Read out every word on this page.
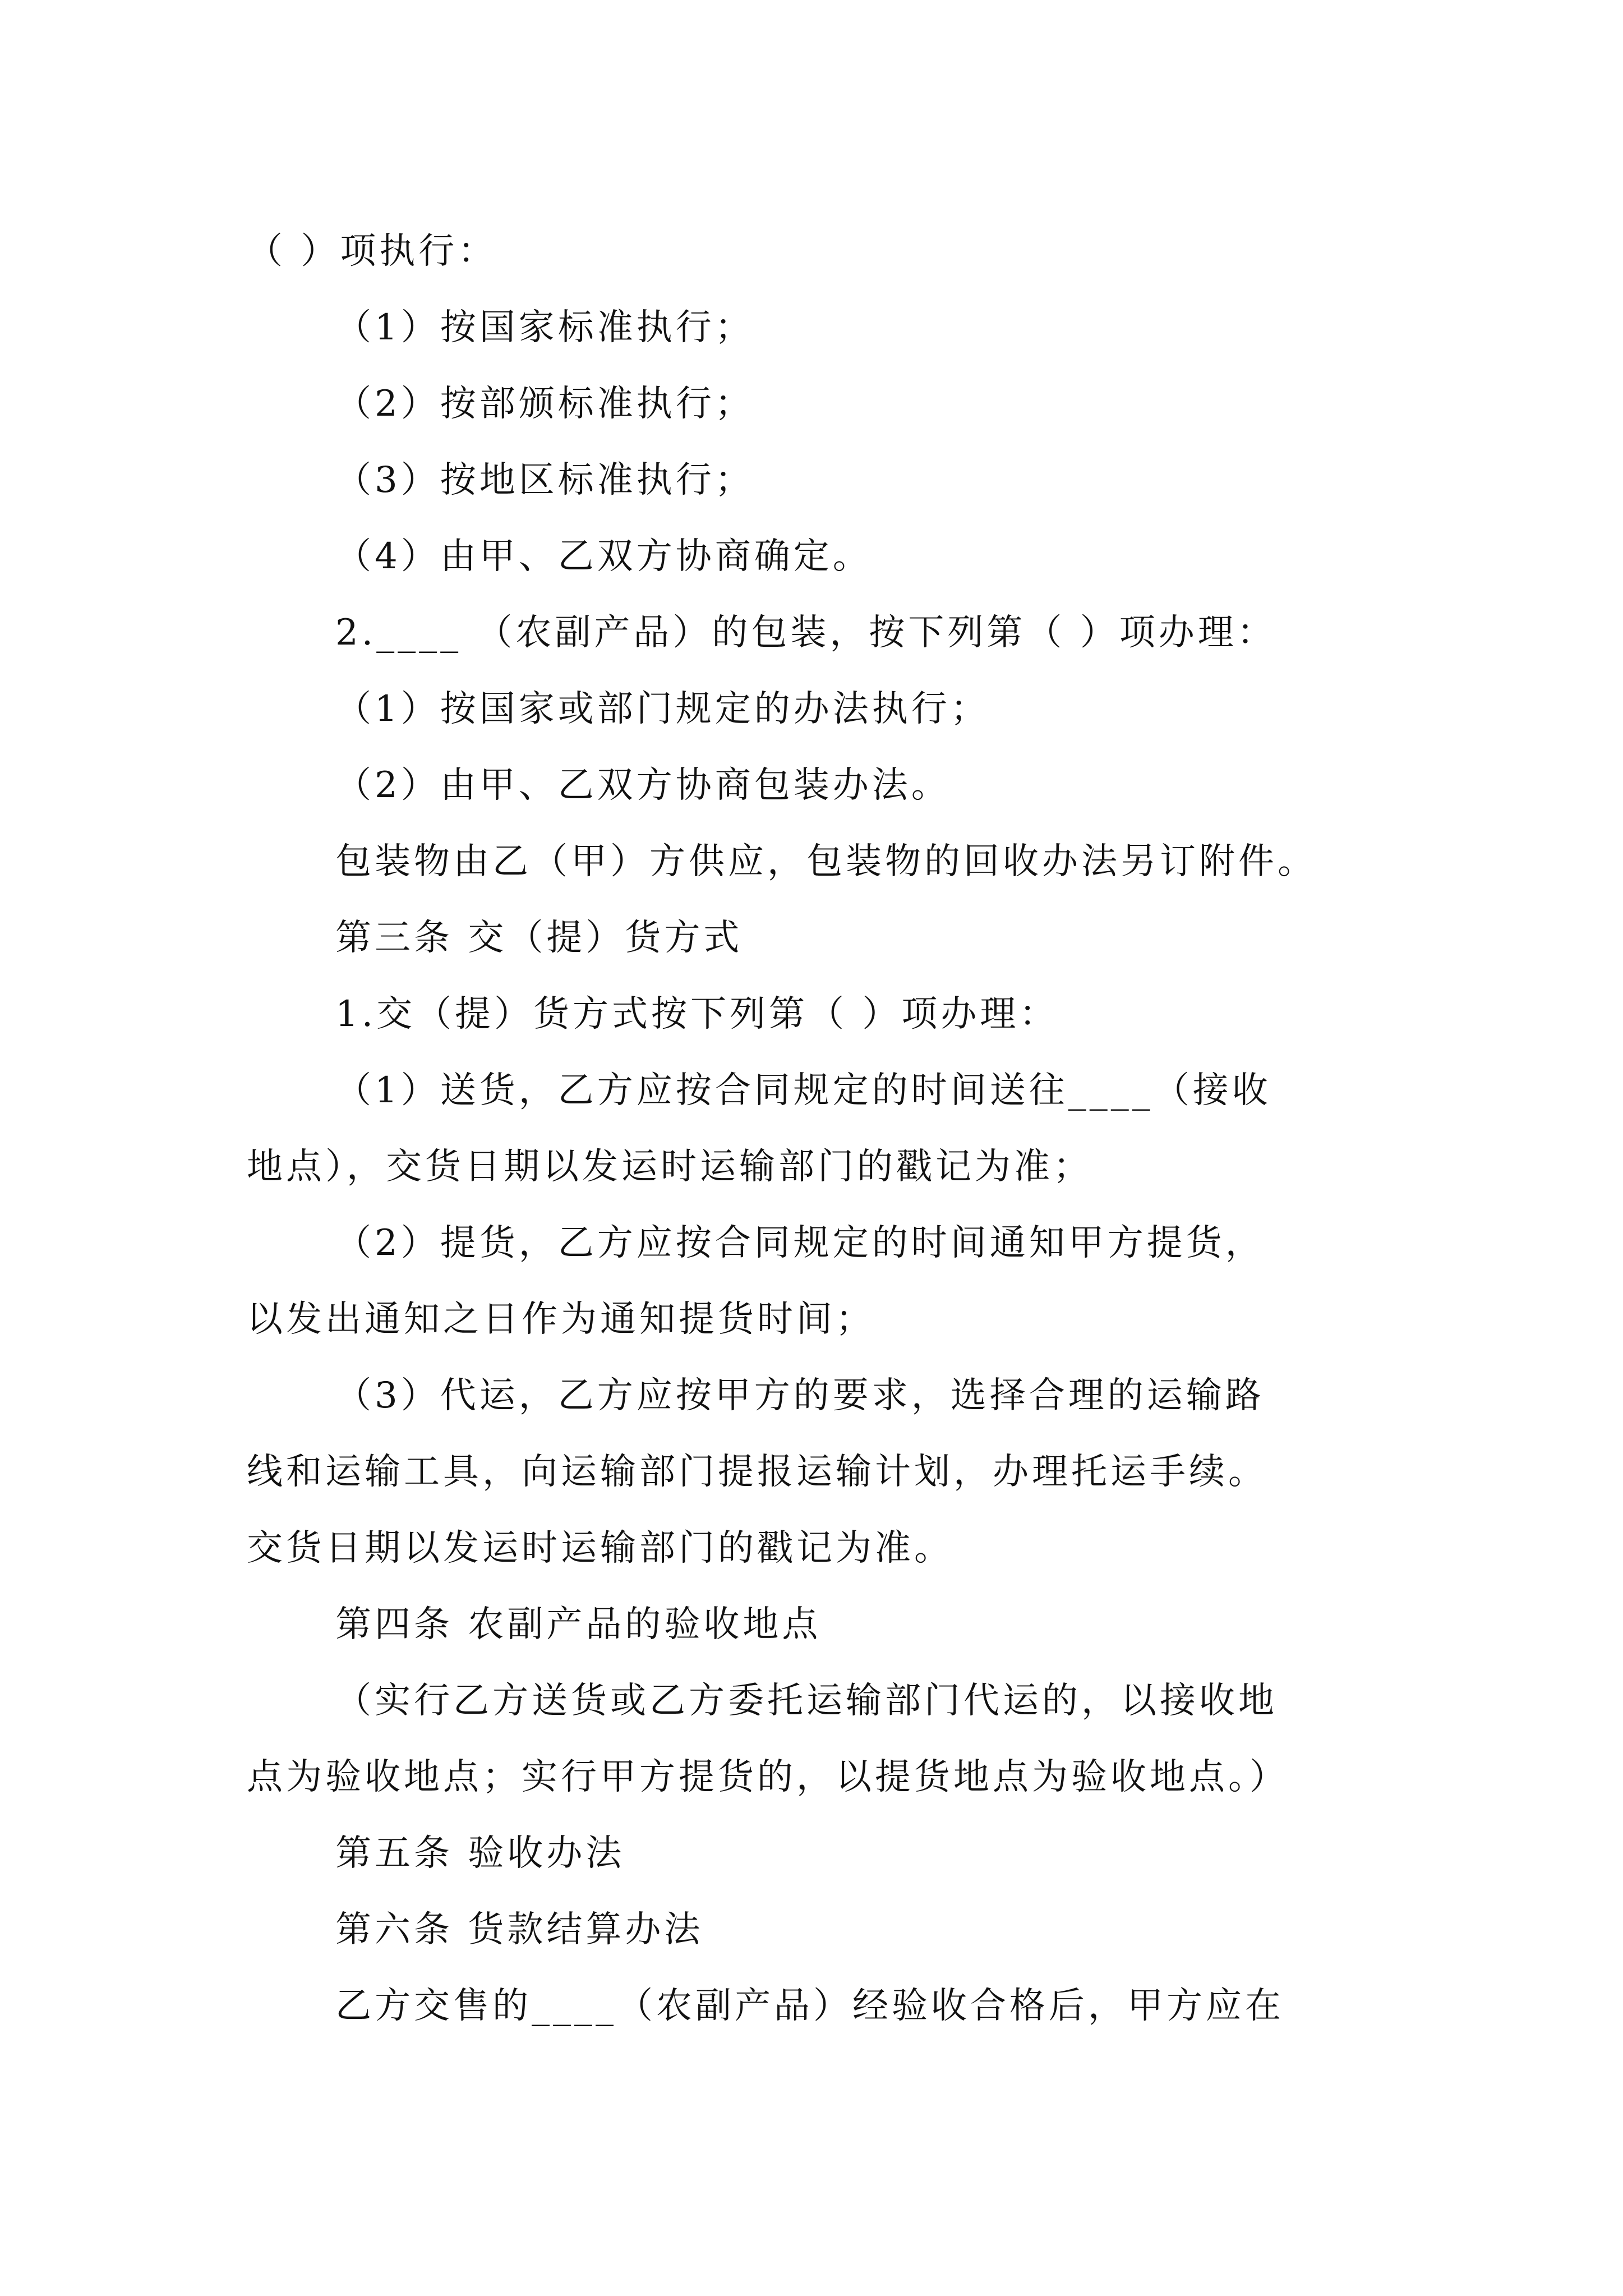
（ ）项执行：
（1）按国家标准执行；
（2）按部颁标准执行；
（3）按地区标准执行；
（4）由甲、乙双方协商确定。
2.____ （农副产品）的包装，按下列第（ ）项办理：
（1）按国家或部门规定的办法执行；
（2）由甲、乙双方协商包装办法。
包装物由乙（甲）方供应，包装物的回收办法另订附件。
第三条 交（提）货方式
1.交（提）货方式按下列第（ ）项办理：
（1）送货，乙方应按合同规定的时间送往____（接收
地点），交货日期以发运时运输部门的戳记为准；
（2）提货，乙方应按合同规定的时间通知甲方提货，
以发出通知之日作为通知提货时间；
（3）代运，乙方应按甲方的要求，选择合理的运输路
线和运输工具，向运输部门提报运输计划，办理托运手续。
交货日期以发运时运输部门的戳记为准。
第四条 农副产品的验收地点
（实行乙方送货或乙方委托运输部门代运的，以接收地
点为验收地点；实行甲方提货的，以提货地点为验收地点。）
第五条 验收办法
第六条 货款结算办法
乙方交售的____（农副产品）经验收合格后，甲方应在
